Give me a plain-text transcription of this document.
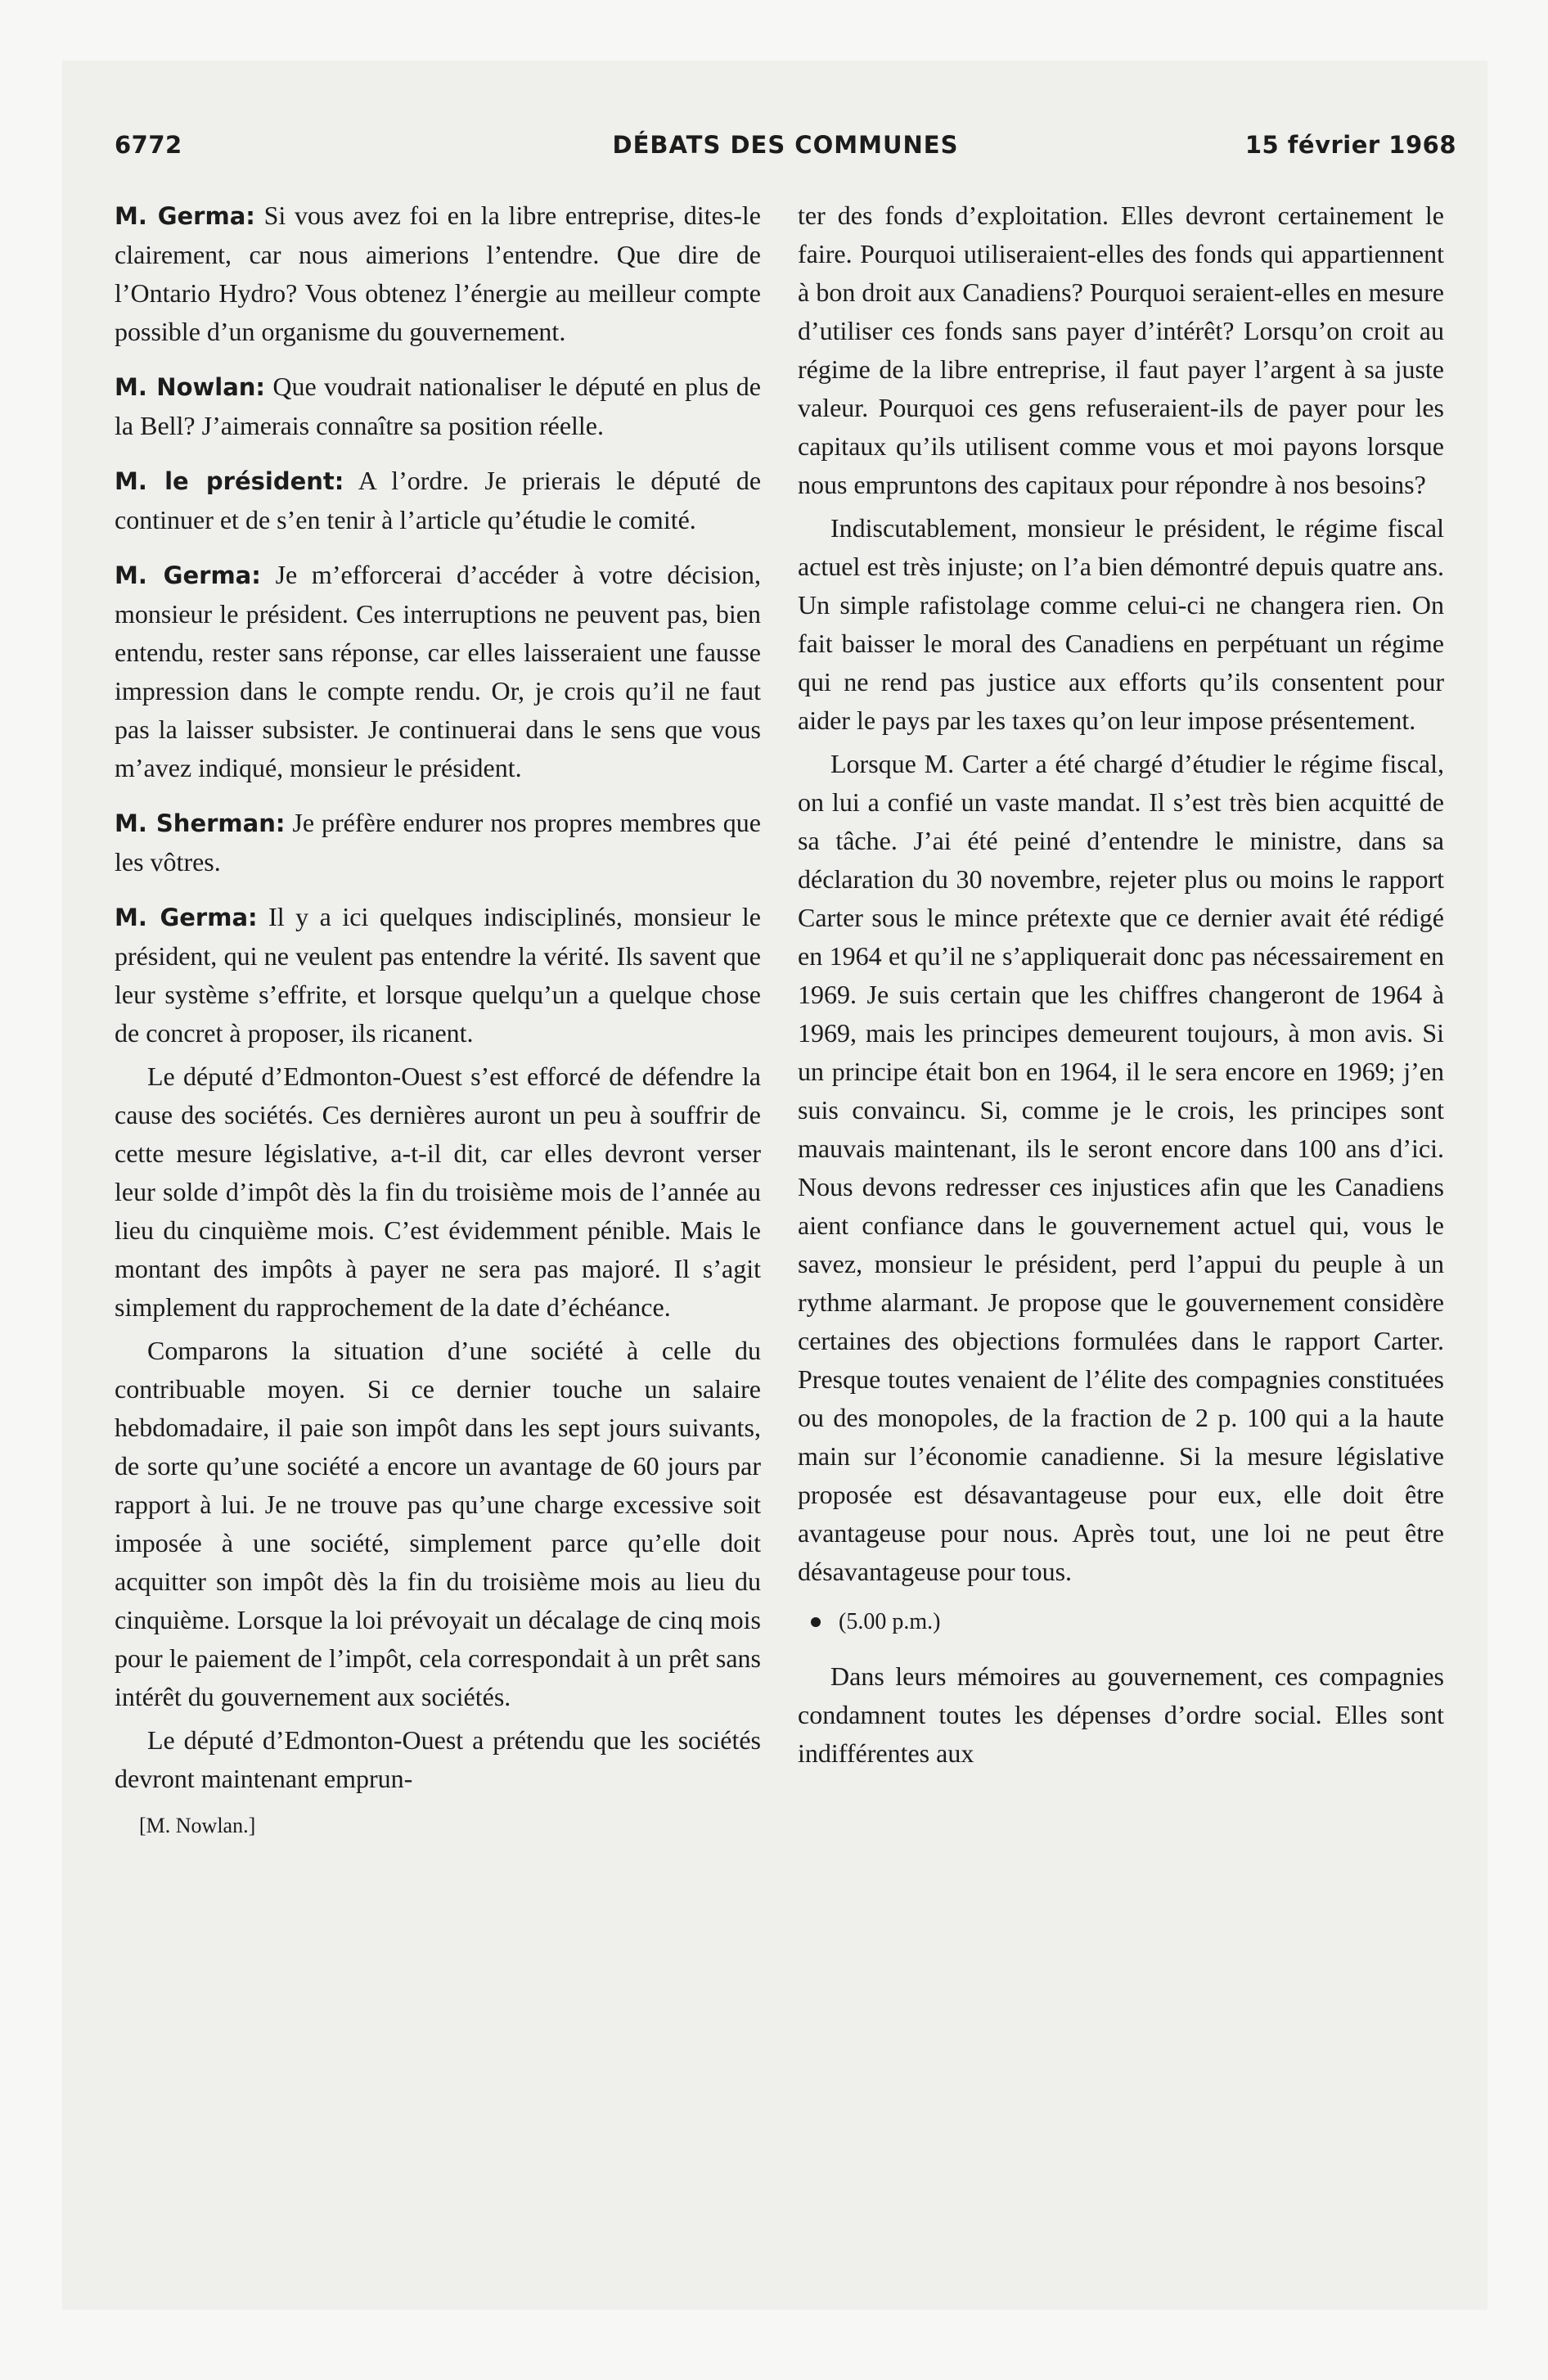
6772	DÉBATS DES COMMUNES	15 février 1968

M. Germa: Si vous avez foi en la libre entreprise, dites-le clairement, car nous aimerions l’entendre. Que dire de l’Ontario Hydro? Vous obtenez l’énergie au meilleur compte possible d’un organisme du gouvernement.

M. Nowlan: Que voudrait nationaliser le député en plus de la Bell? J’aimerais connaître sa position réelle.

M. le président: A l’ordre. Je prierais le député de continuer et de s’en tenir à l’article qu’étudie le comité.

M. Germa: Je m’efforcerai d’accéder à votre décision, monsieur le président. Ces interruptions ne peuvent pas, bien entendu, rester sans réponse, car elles laisseraient une fausse impression dans le compte rendu. Or, je crois qu’il ne faut pas la laisser subsister. Je continuerai dans le sens que vous m’avez indiqué, monsieur le président.

M. Sherman: Je préfère endurer nos propres membres que les vôtres.

M. Germa: Il y a ici quelques indisciplinés, monsieur le président, qui ne veulent pas entendre la vérité. Ils savent que leur système s’effrite, et lorsque quelqu’un a quelque chose de concret à proposer, ils ricanent.

Le député d’Edmonton-Ouest s’est efforcé de défendre la cause des sociétés. Ces dernières auront un peu à souffrir de cette mesure législative, a-t-il dit, car elles devront verser leur solde d’impôt dès la fin du troisième mois de l’année au lieu du cinquième mois. C’est évidemment pénible. Mais le montant des impôts à payer ne sera pas majoré. Il s’agit simplement du rapprochement de la date d’échéance.

Comparons la situation d’une société à celle du contribuable moyen. Si ce dernier touche un salaire hebdomadaire, il paie son impôt dans les sept jours suivants, de sorte qu’une société a encore un avantage de 60 jours par rapport à lui. Je ne trouve pas qu’une charge excessive soit imposée à une société, simplement parce qu’elle doit acquitter son impôt dès la fin du troisième mois au lieu du cinquième. Lorsque la loi prévoyait un décalage de cinq mois pour le paiement de l’impôt, cela correspondait à un prêt sans intérêt du gouvernement aux sociétés.

Le député d’Edmonton-Ouest a prétendu que les sociétés devront maintenant emprun-

[M. Nowlan.]

ter des fonds d’exploitation. Elles devront certainement le faire. Pourquoi utiliseraient-elles des fonds qui appartiennent à bon droit aux Canadiens? Pourquoi seraient-elles en mesure d’utiliser ces fonds sans payer d’intérêt? Lorsqu’on croit au régime de la libre entreprise, il faut payer l’argent à sa juste valeur. Pourquoi ces gens refuseraient-ils de payer pour les capitaux qu’ils utilisent comme vous et moi payons lorsque nous empruntons des capitaux pour répondre à nos besoins?

Indiscutablement, monsieur le président, le régime fiscal actuel est très injuste; on l’a bien démontré depuis quatre ans. Un simple rafistolage comme celui-ci ne changera rien. On fait baisser le moral des Canadiens en perpétuant un régime qui ne rend pas justice aux efforts qu’ils consentent pour aider le pays par les taxes qu’on leur impose présentement.

Lorsque M. Carter a été chargé d’étudier le régime fiscal, on lui a confié un vaste mandat. Il s’est très bien acquitté de sa tâche. J’ai été peiné d’entendre le ministre, dans sa déclaration du 30 novembre, rejeter plus ou moins le rapport Carter sous le mince prétexte que ce dernier avait été rédigé en 1964 et qu’il ne s’appliquerait donc pas nécessairement en 1969. Je suis certain que les chiffres changeront de 1964 à 1969, mais les principes demeurent toujours, à mon avis. Si un principe était bon en 1964, il le sera encore en 1969; j’en suis convaincu. Si, comme je le crois, les principes sont mauvais maintenant, ils le seront encore dans 100 ans d’ici. Nous devons redresser ces injustices afin que les Canadiens aient confiance dans le gouvernement actuel qui, vous le savez, monsieur le président, perd l’appui du peuple à un rythme alarmant. Je propose que le gouvernement considère certaines des objections formulées dans le rapport Carter. Presque toutes venaient de l’élite des compagnies constituées ou des monopoles, de la fraction de 2 p. 100 qui a la haute main sur l’économie canadienne. Si la mesure législative proposée est désavantageuse pour eux, elle doit être avantageuse pour nous. Après tout, une loi ne peut être désavantageuse pour tous.

(5.00 p.m.)

Dans leurs mémoires au gouvernement, ces compagnies condamnent toutes les dépenses d’ordre social. Elles sont indifférentes aux
